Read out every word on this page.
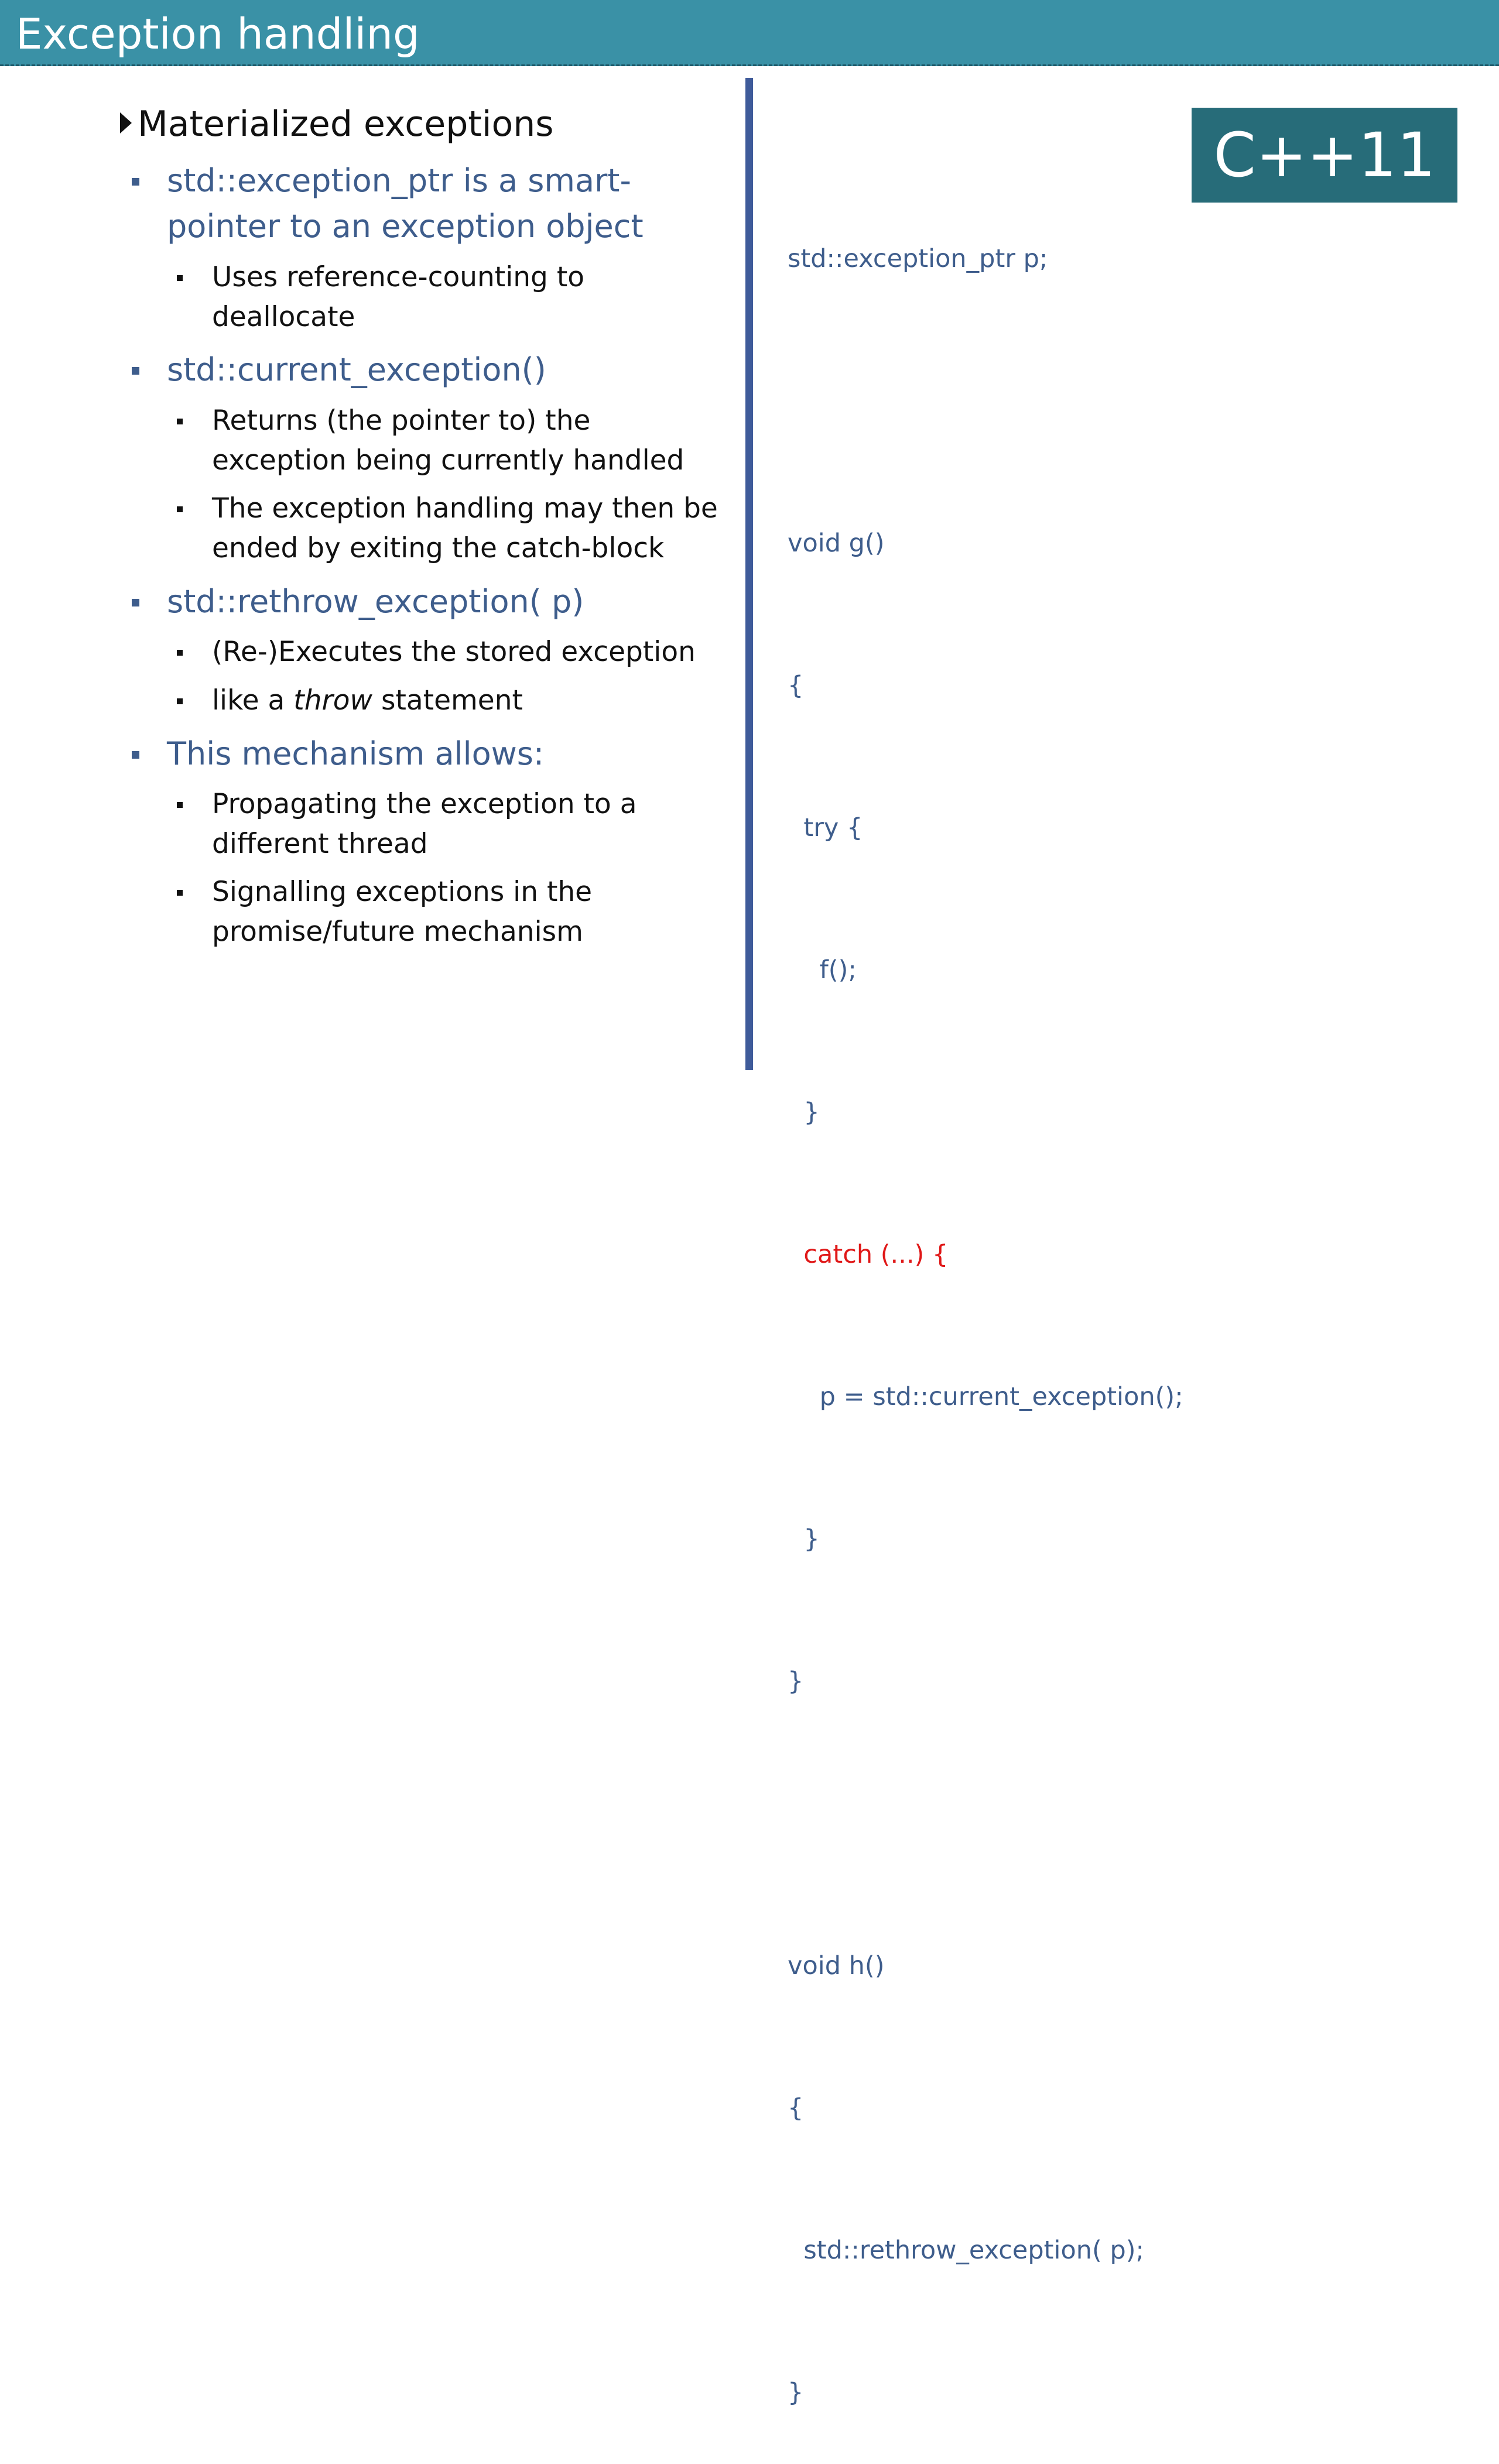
Exception handling
Materialized exceptions
std::exception_ptr is a smart-
pointer to an exception object
Uses reference-counting to
deallocate
std::current_exception()
Returns (the pointer to) the
exception being currently handled
The exception handling may then be
ended by exiting the catch-block
std::rethrow_exception( p)
(Re-)Executes the stored exception
like a throw statement
This mechanism allows:
Propagating the exception to a
different thread
Signalling exceptions in the
promise/future mechanism

std::exception_ptr p;

void g()

{

try {

f();

}

catch (...) {

p = std::current_exception();

}

}

void h()

{

std::rethrow_exception( p);

}

C++11
